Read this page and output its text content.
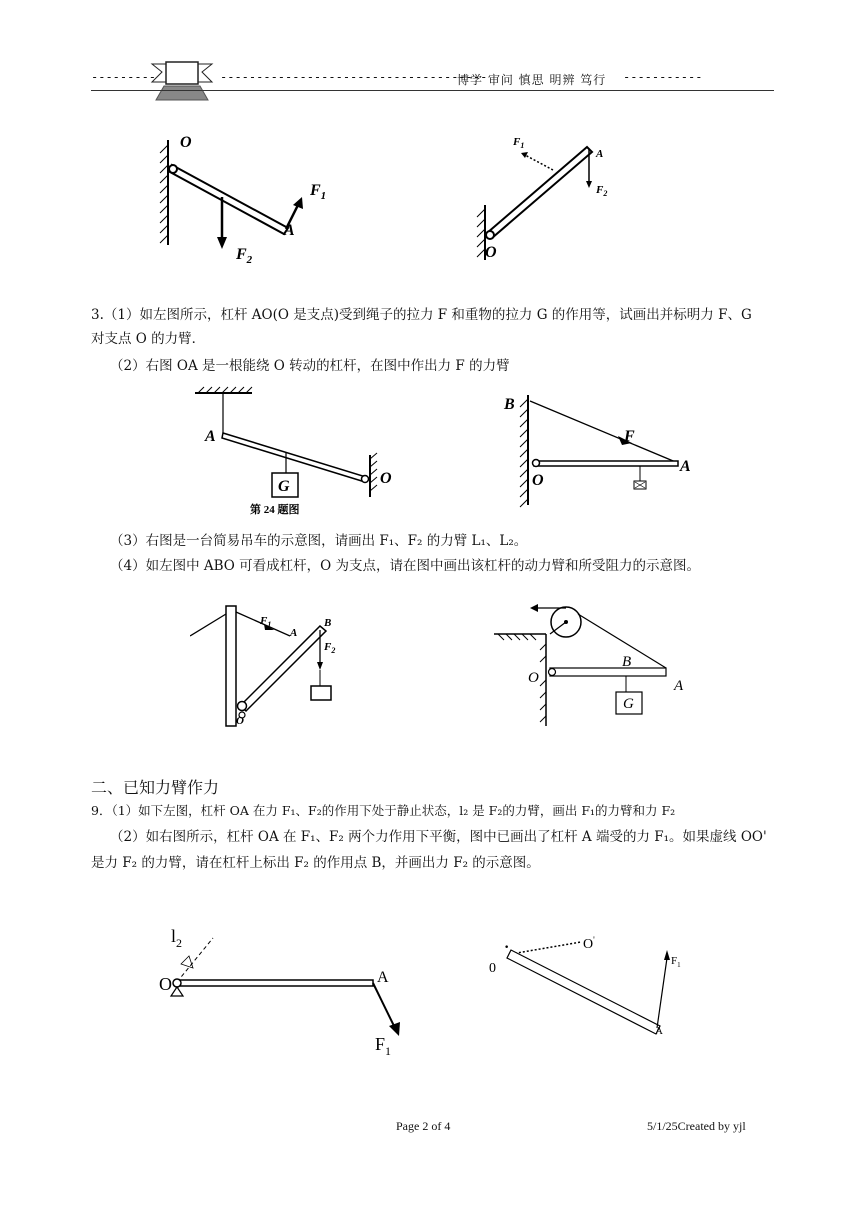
---------	-------------------------------------
博学 审问 慎思 明辨 笃行 -----------
O
$F_1$
A
$F_2$
$F_1$
A
$F_2$
O
3.（1）如左图所示，杠杆 AO(O 是支点)受到绳子的拉力 F 和重物的拉力 G 的作用等，试画出并标明力 F、G
对支点 O 的力臂．
（2）右图 OA 是一根能绕 O 转动的杠杆，在图中作出力 F 的力臂
G
A
O
第 24 题图
B
F
A
O
（3）右图是一台简易吊车的示意图，请画出 F₁、F₂ 的力臂 L₁、L₂。
（4）如左图中 ABO 可看成杠杆，O 为支点，请在图中画出该杠杆的动力臂和所受阻力的示意图。
$F_1$
A
B
$F_2$
O
G
O
B
A
二、已知力臂作力
9．（1）如下左图，杠杆 OA 在力 F₁、F₂的作用下处于静止状态，l₂ 是 F₂的力臂，画出 F₁的力臂和力 F₂
（2）如右图所示，杠杆 OA 在 F₁、F₂ 两个力作用下平衡，图中已画出了杠杆 A 端受的力 F₁。如果虚线 OO'
是力 F₂ 的力臂，请在杠杆上标出 F₂ 的作用点 B，并画出力 F₂ 的示意图。
$l_2$
O	A
$F_1$
·	O'
0	$F_1$
A
Page 2 of 4	5/1/25Created by yjl
